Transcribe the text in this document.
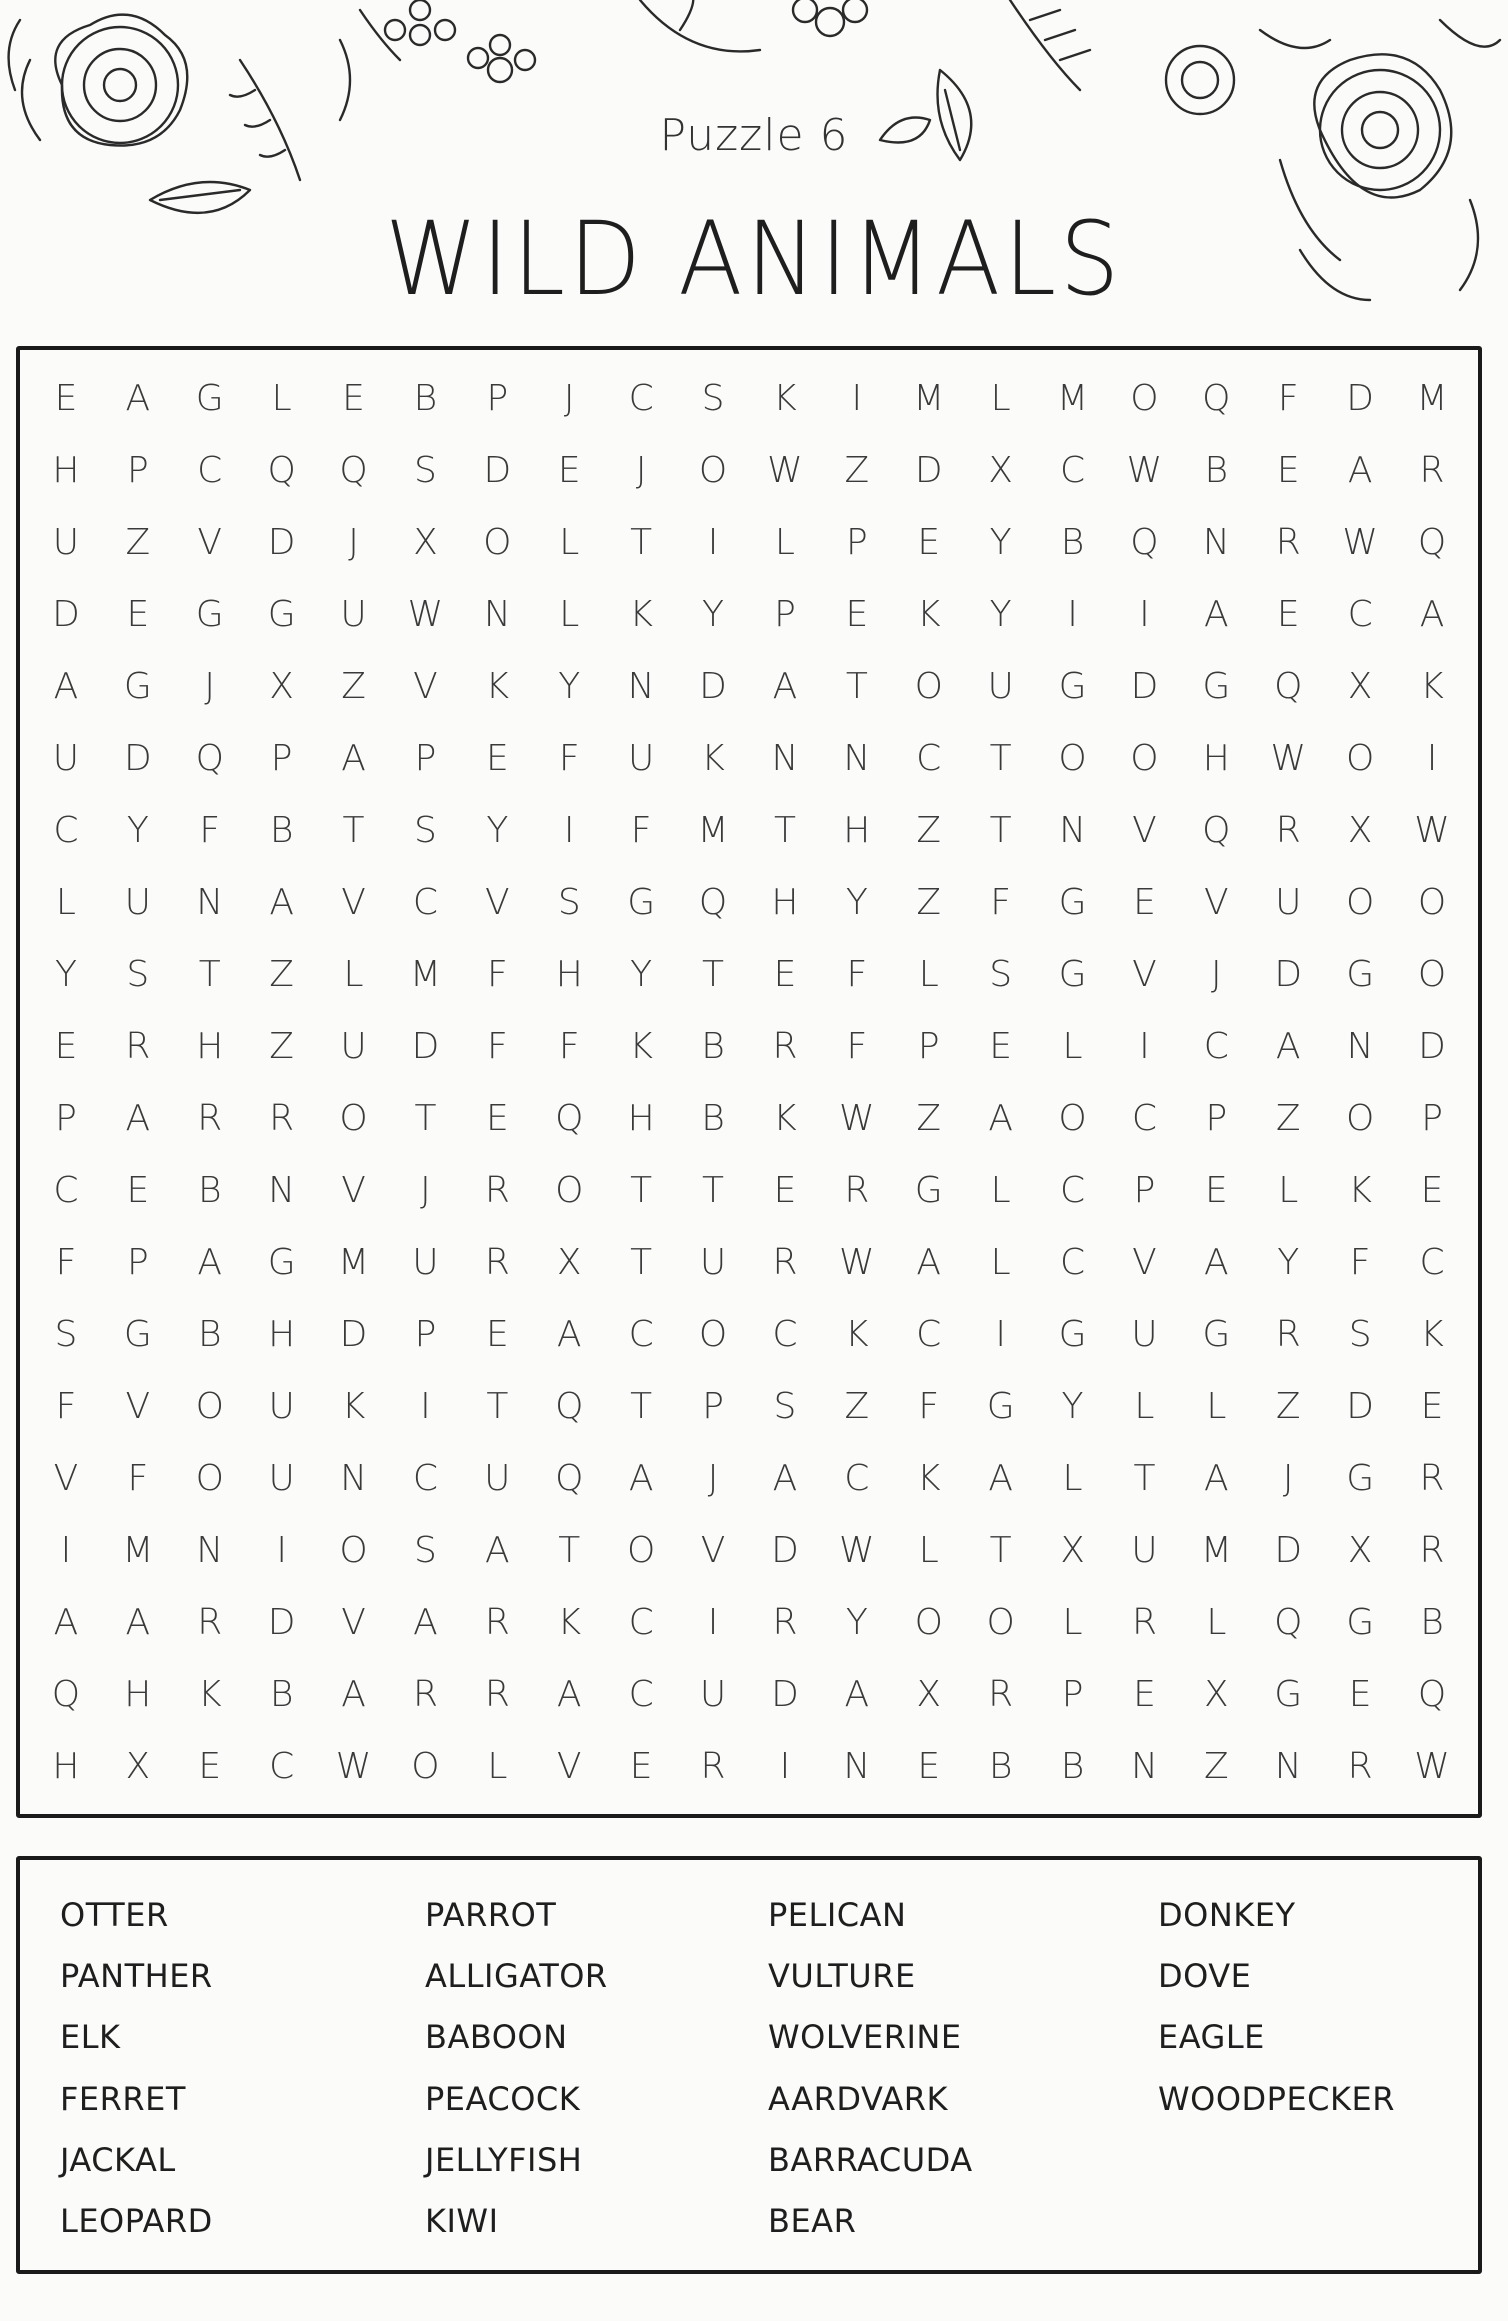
Puzzle 6
WILD ANIMALS
E	A	G	L	E	B	P	J	C	S	K	I	M	L	M	O	Q	F	D	M
H	P	C	Q	Q	S	D	E	J	O	W	Z	D	X	C	W	B	E	A	R
U	Z	V	D	J	X	O	L	T	I	L	P	E	Y	B	Q	N	R	W	Q
D	E	G	G	U	W	N	L	K	Y	P	E	K	Y	I	I	A	E	C	A
A	G	J	X	Z	V	K	Y	N	D	A	T	O	U	G	D	G	Q	X	K
U	D	Q	P	A	P	E	F	U	K	N	N	C	T	O	O	H	W	O	I
C	Y	F	B	T	S	Y	I	F	M	T	H	Z	T	N	V	Q	R	X	W
L	U	N	A	V	C	V	S	G	Q	H	Y	Z	F	G	E	V	U	O	O
Y	S	T	Z	L	M	F	H	Y	T	E	F	L	S	G	V	J	D	G	O
E	R	H	Z	U	D	F	F	K	B	R	F	P	E	L	I	C	A	N	D
P	A	R	R	O	T	E	Q	H	B	K	W	Z	A	O	C	P	Z	O	P
C	E	B	N	V	J	R	O	T	T	E	R	G	L	C	P	E	L	K	E
F	P	A	G	M	U	R	X	T	U	R	W	A	L	C	V	A	Y	F	C
S	G	B	H	D	P	E	A	C	O	C	K	C	I	G	U	G	R	S	K
F	V	O	U	K	I	T	Q	T	P	S	Z	F	G	Y	L	L	Z	D	E
V	F	O	U	N	C	U	Q	A	J	A	C	K	A	L	T	A	J	G	R
I	M	N	I	O	S	A	T	O	V	D	W	L	T	X	U	M	D	X	R
A	A	R	D	V	A	R	K	C	I	R	Y	O	O	L	R	L	Q	G	B
Q	H	K	B	A	R	R	A	C	U	D	A	X	R	P	E	X	G	E	Q
H	X	E	C	W	O	L	V	E	R	I	N	E	B	B	N	Z	N	R	W
OTTER
PANTHER
ELK
FERRET
JACKAL
LEOPARD
PARROT
ALLIGATOR
BABOON
PEACOCK
JELLYFISH
KIWI
PELICAN
VULTURE
WOLVERINE
AARDVARK
BARRACUDA
BEAR
DONKEY
DOVE
EAGLE
WOODPECKER
